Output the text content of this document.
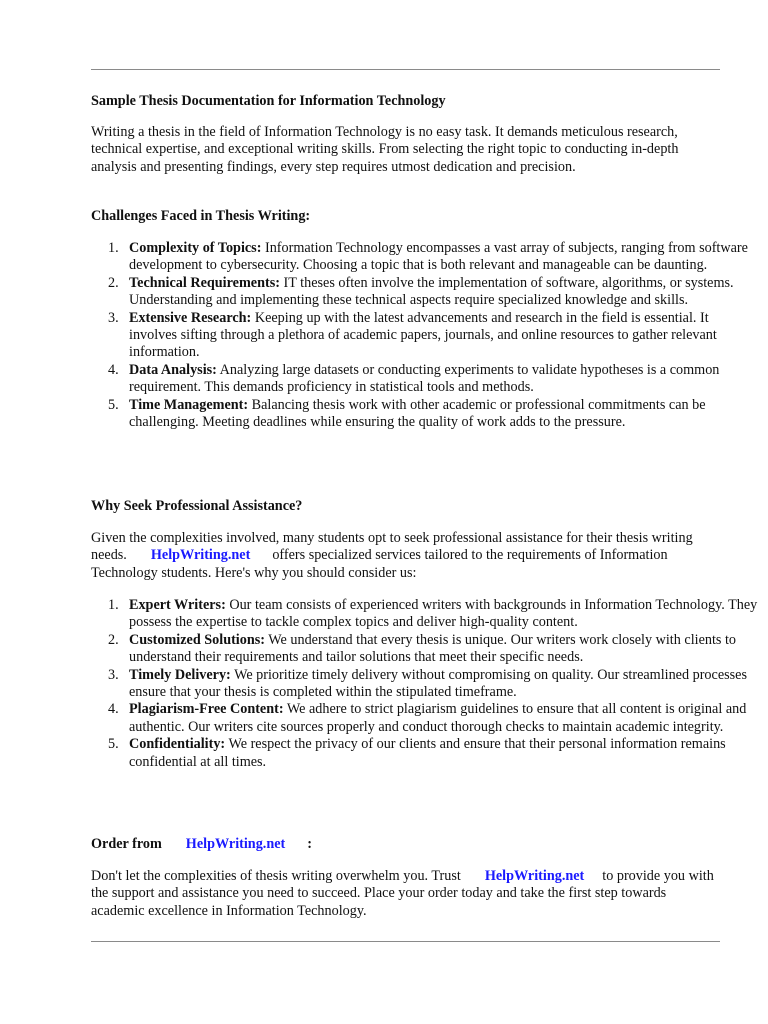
Sample Thesis Documentation for Information Technology

Writing a thesis in the field of Information Technology is no easy task. It demands meticulous research, technical expertise, and exceptional writing skills. From selecting the right topic to conducting in-depth analysis and presenting findings, every step requires utmost dedication and precision.

Challenges Faced in Thesis Writing:
1. Complexity of Topics: Information Technology encompasses a vast array of subjects, ranging from software development to cybersecurity. Choosing a topic that is both relevant and manageable can be daunting.
2. Technical Requirements: IT theses often involve the implementation of software, algorithms, or systems. Understanding and implementing these technical aspects require specialized knowledge and skills.
3. Extensive Research: Keeping up with the latest advancements and research in the field is essential. It involves sifting through a plethora of academic papers, journals, and online resources to gather relevant information.
4. Data Analysis: Analyzing large datasets or conducting experiments to validate hypotheses is a common requirement. This demands proficiency in statistical tools and methods.
5. Time Management: Balancing thesis work with other academic or professional commitments can be challenging. Meeting deadlines while ensuring the quality of work adds to the pressure.
Why Seek Professional Assistance?

Given the complexities involved, many students opt to seek professional assistance for their thesis writing needs. HelpWriting.net offers specialized services tailored to the requirements of Information Technology students. Here's why you should consider us:

1. Expert Writers: Our team consists of experienced writers with backgrounds in Information Technology. They possess the expertise to tackle complex topics and deliver high-quality content.
2. Customized Solutions: We understand that every thesis is unique. Our writers work closely with clients to understand their requirements and tailor solutions that meet their specific needs.
3. Timely Delivery: We prioritize timely delivery without compromising on quality. Our streamlined processes ensure that your thesis is completed within the stipulated timeframe.
4. Plagiarism-Free Content: We adhere to strict plagiarism guidelines to ensure that all content is original and authentic. Our writers cite sources properly and conduct thorough checks to maintain academic integrity.
5. Confidentiality: We respect the privacy of our clients and ensure that their personal information remains confidential at all times.
Order from HelpWriting.net :

Don't let the complexities of thesis writing overwhelm you. Trust HelpWriting.net to provide you with the support and assistance you need to succeed. Place your order today and take the first step towards academic excellence in Information Technology.
